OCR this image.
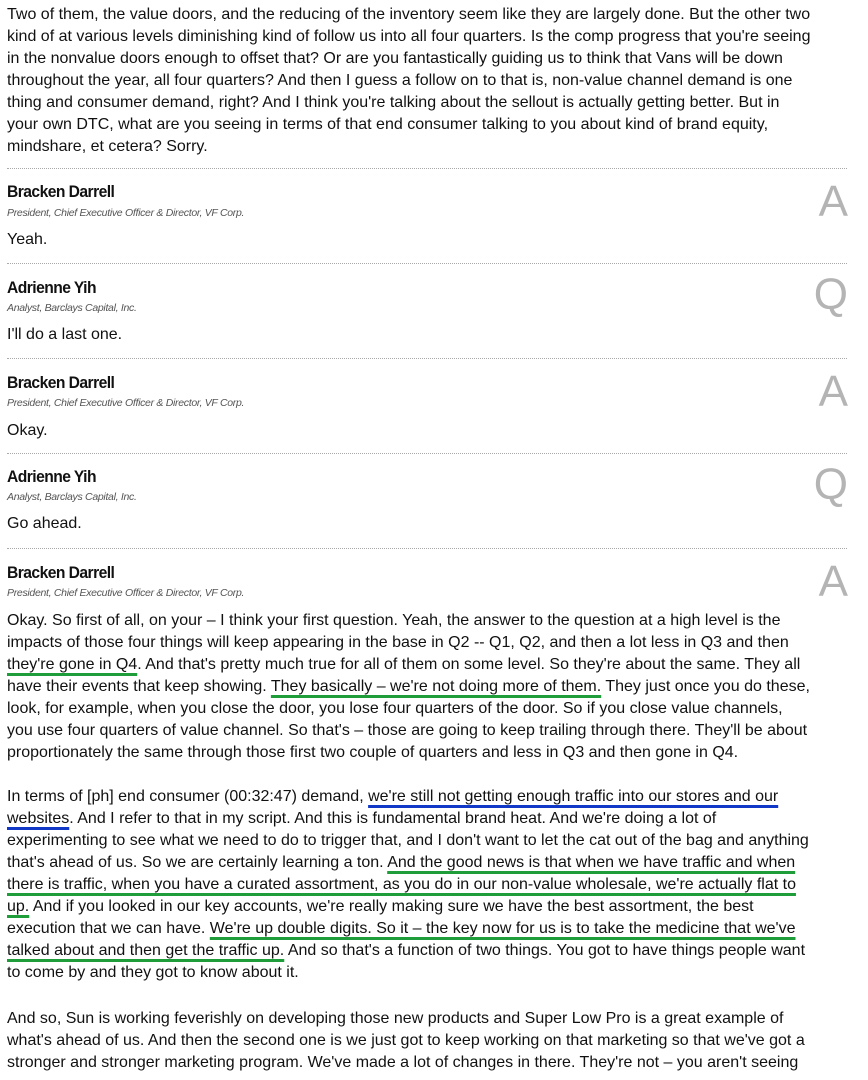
Two of them, the value doors, and the reducing of the inventory seem like they are largely done. But the other two

kind of at various levels diminishing kind of follow us into all four quarters. Is the comp progress that you're seeing

in the nonvalue doors enough to offset that? Or are you fantastically guiding us to think that Vans will be down

throughout the year, all four quarters? And then I guess a follow on to that is, non-value channel demand is one

thing and consumer demand, right? And I think you're talking about the sellout is actually getting better. But in

your own DTC, what are you seeing in terms of that end consumer talking to you about kind of brand equity,

mindshare, et cetera? Sorry.

Bracken Darrell
President, Chief Executive Officer & Director, VF Corp.	A

Yeah.

Adrienne Yih
Analyst, Barclays Capital, Inc.	Q

I'll do a last one.

Bracken Darrell
President, Chief Executive Officer & Director, VF Corp.	A

Okay.

Adrienne Yih
Analyst, Barclays Capital, Inc.	Q

Go ahead.

Bracken Darrell
President, Chief Executive Officer & Director, VF Corp.	A

Okay. So first of all, on your – I think your first question. Yeah, the answer to the question at a high level is the

impacts of those four things will keep appearing in the base in Q2 -- Q1, Q2, and then a lot less in Q3 and then

they're gone in Q4. And that's pretty much true for all of them on some level. So they're about the same. They all

have their events that keep showing. They basically – we're not doing more of them. They just once you do these,

look, for example, when you close the door, you lose four quarters of the door. So if you close value channels,

you use four quarters of value channel. So that's – those are going to keep trailing through there. They'll be about

proportionately the same through those first two couple of quarters and less in Q3 and then gone in Q4.

In terms of [ph] end consumer (00:32:47) demand, we're still not getting enough traffic into our stores and our

websites. And I refer to that in my script. And this is fundamental brand heat. And we're doing a lot of

experimenting to see what we need to do to trigger that, and I don't want to let the cat out of the bag and anything

that's ahead of us. So we are certainly learning a ton. And the good news is that when we have traffic and when

there is traffic, when you have a curated assortment, as you do in our non-value wholesale, we're actually flat to

up. And if you looked in our key accounts, we're really making sure we have the best assortment, the best

execution that we can have. We're up double digits. So it – the key now for us is to take the medicine that we've

talked about and then get the traffic up. And so that's a function of two things. You got to have things people want

to come by and they got to know about it.

And so, Sun is working feverishly on developing those new products and Super Low Pro is a great example of

what's ahead of us. And then the second one is we just got to keep working on that marketing so that we've got a

stronger and stronger marketing program. We've made a lot of changes in there. They're not – you aren't seeing
